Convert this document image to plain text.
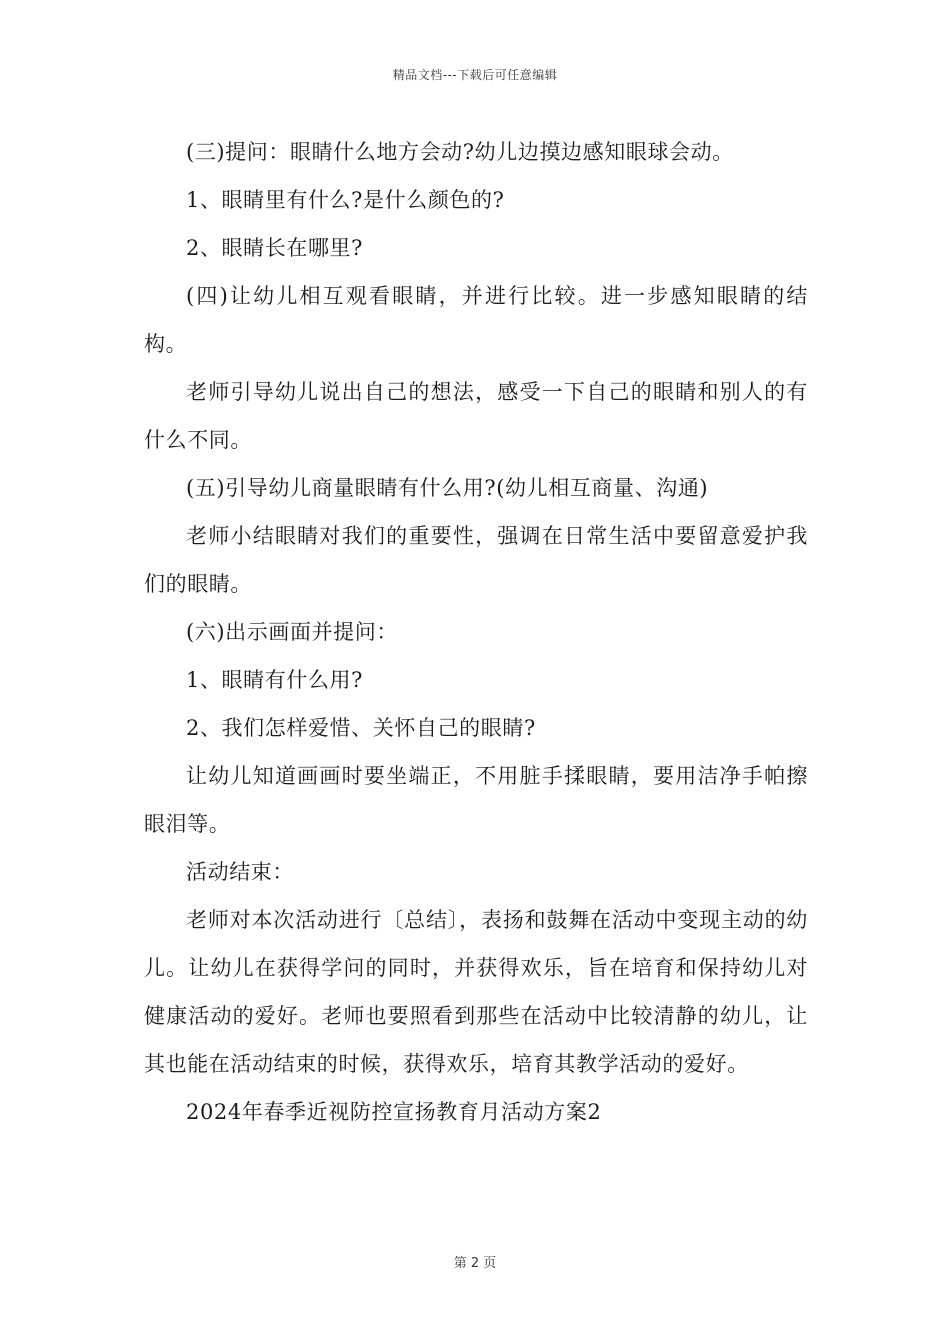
精品文档---下载后可任意编辑

(三)提问：眼睛什么地方会动?幼儿边摸边感知眼球会动。

1、眼睛里有什么?是什么颜色的?

2、眼睛长在哪里?

(四)让幼儿相互观看眼睛，并进行比较。进一步感知眼睛的结构。

老师引导幼儿说出自己的想法，感受一下自己的眼睛和别人的有什么不同。

(五)引导幼儿商量眼睛有什么用?(幼儿相互商量、沟通)

老师小结眼睛对我们的重要性，强调在日常生活中要留意爱护我们的眼睛。

(六)出示画面并提问：

1、眼睛有什么用?

2、我们怎样爱惜、关怀自己的眼睛?

让幼儿知道画画时要坐端正，不用脏手揉眼睛，要用洁净手帕擦眼泪等。

活动结束：

老师对本次活动进行〔总结〕，表扬和鼓舞在活动中变现主动的幼儿。让幼儿在获得学问的同时，并获得欢乐，旨在培育和保持幼儿对健康活动的爱好。老师也要照看到那些在活动中比较清静的幼儿，让其也能在活动结束的时候，获得欢乐，培育其教学活动的爱好。

2024年春季近视防控宣扬教育月活动方案2

第 2 页
